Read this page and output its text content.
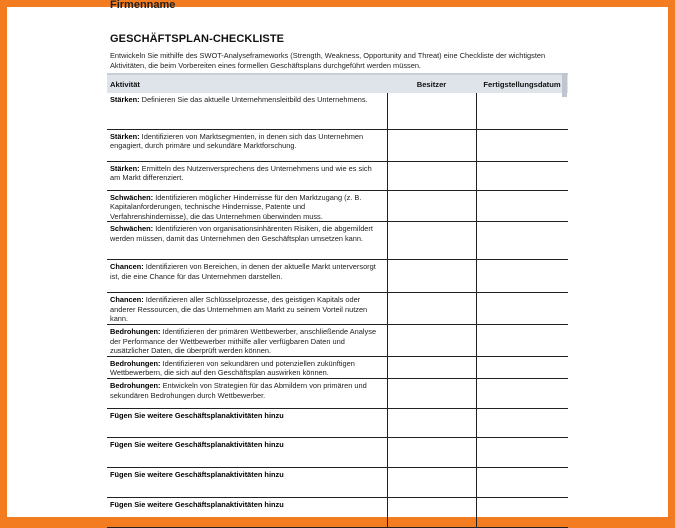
Firmenname
GESCHÄFTSPLAN-CHECKLISTE
Entwickeln Sie mithilfe des SWOT-Analyseframeworks (Strength, Weakness, Opportunity and Threat) eine Checkliste der wichtigsten Aktivitäten, die beim Vorbereiten eines formellen Geschäftsplans durchgeführt werden müssen.
Aktivität	Besitzer	Fertigstellungsdatum
Stärken: Definieren Sie das aktuelle Unternehmensleitbild des Unternehmens.		
Stärken: Identifizieren von Marktsegmenten, in denen sich das Unternehmen engagiert, durch primäre und sekundäre Marktforschung.		
Stärken: Ermitteln des Nutzenversprechens des Unternehmens und wie es sich am Markt differenziert.		
Schwächen: Identifizieren möglicher Hindernisse für den Marktzugang (z. B. Kapitalanforderungen, technische Hindernisse, Patente und Verfahrenshindernisse), die das Unternehmen überwinden muss.		
Schwächen: Identifizieren von organisationsinhärenten Risiken, die abgemildert werden müssen, damit das Unternehmen den Geschäftsplan umsetzen kann.		
Chancen: Identifizieren von Bereichen, in denen der aktuelle Markt unterversorgt ist, die eine Chance für das Unternehmen darstellen.		
Chancen: Identifizieren aller Schlüsselprozesse, des geistigen Kapitals oder anderer Ressourcen, die das Unternehmen am Markt zu seinem Vorteil nutzen kann.		
Bedrohungen: Identifizieren der primären Wettbewerber, anschließende Analyse der Performance der Wettbewerber mithilfe aller verfügbaren Daten und zusätzlicher Daten, die überprüft werden können.		
Bedrohungen: Identifizieren von sekundären und potenziellen zukünftigen Wettbewerbern, die sich auf den Geschäftsplan auswirken können.		
Bedrohungen: Entwickeln von Strategien für das Abmildern von primären und sekundären Bedrohungen durch Wettbewerber.		
Fügen Sie weitere Geschäftsplanaktivitäten hinzu		
Fügen Sie weitere Geschäftsplanaktivitäten hinzu		
Fügen Sie weitere Geschäftsplanaktivitäten hinzu		
Fügen Sie weitere Geschäftsplanaktivitäten hinzu		
